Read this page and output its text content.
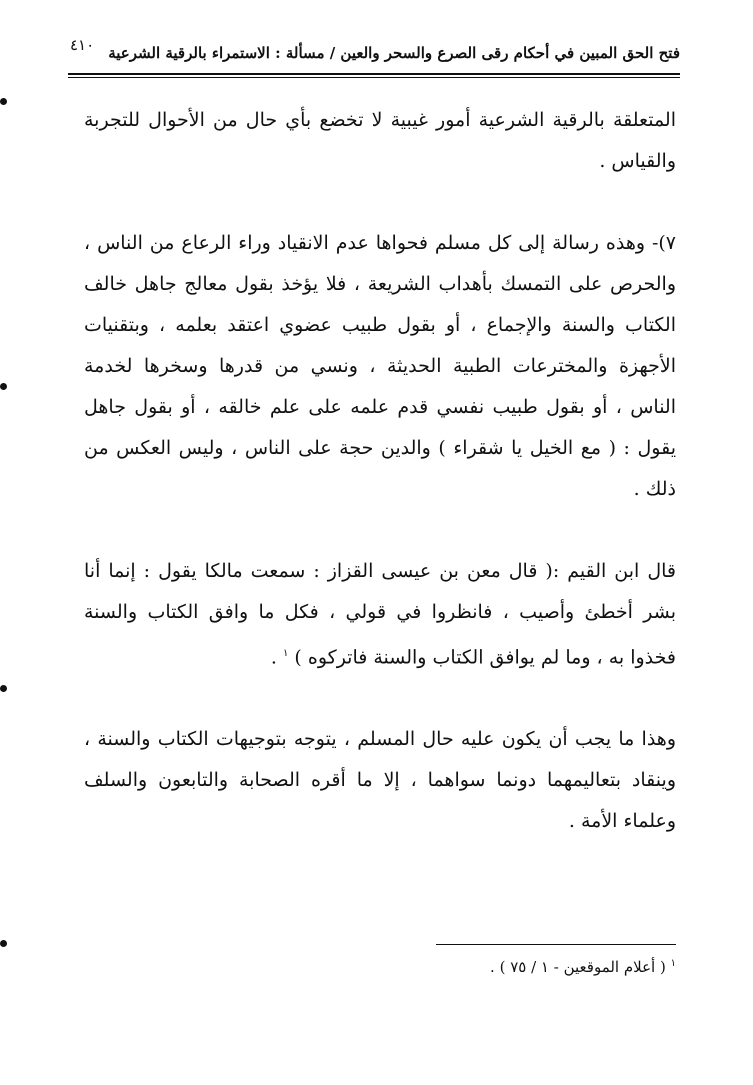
٤١٠ فتح الحق المبين في أحكام رقى الصرع والسحر والعين / مسألة : الاستمراء بالرقية الشرعية

المتعلقة بالرقية الشرعية أمور غيبية لا تخضع بأي حال من الأحوال للتجربة والقياس .

٧)- وهذه رسالة إلى كل مسلم فحواها عدم الانقياد وراء الرعاع من الناس ، والحرص على التمسك بأهداب الشريعة ، فلا يؤخذ بقول معالج جاهل خالف الكتاب والسنة والإجماع ، أو بقول طبيب عضوي اعتقد بعلمه ، وبتقنيات الأجهزة والمخترعات الطبية الحديثة ، ونسي من قدرها وسخرها لخدمة الناس ، أو بقول طبيب نفسي قدم علمه على علم خالقه ، أو بقول جاهل يقول : ( مع الخيل يا شقراء ) والدين حجة على الناس ، وليس العكس من ذلك .

قال ابن القيم :( قال معن بن عيسى القزاز : سمعت مالكا يقول : إنما أنا بشر أخطئ وأصيب ، فانظروا في قولي ، فكل ما وافق الكتاب والسنة فخذوا به ، وما لم يوافق الكتاب والسنة فاتركوه ) $^١$ .

وهذا ما يجب أن يكون عليه حال المسلم ، يتوجه بتوجيهات الكتاب والسنة ، وينقاد بتعاليمهما دونما سواهما ، إلا ما أقره الصحابة والتابعون والسلف وعلماء الأمة .

$^١$ ( أعلام الموقعين - ١ / ٧٥ ) .
